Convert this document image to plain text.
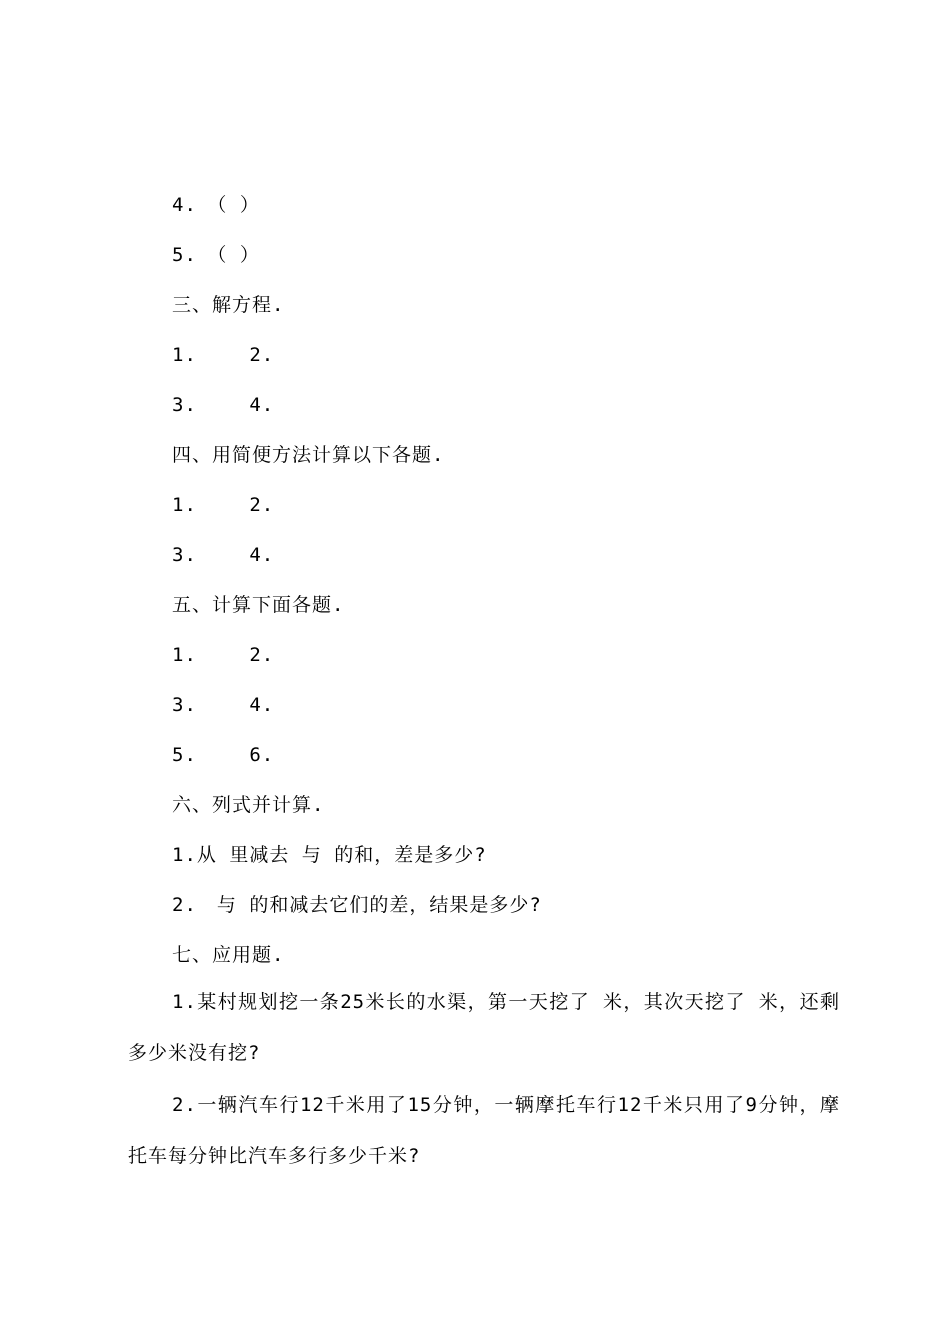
4.　（ ）
5.　（ ）
三、解方程.
1.　　 2.
3.　　 4.
四、用简便方法计算以下各题.
1.　　 2.
3.　　 4.
五、计算下面各题.
1.　　 2.
3.　　 4.
5.　　 6.
六、列式并计算.
1.从 里减去 与 的和，差是多少?
2.　与 的和减去它们的差，结果是多少?
七、应用题.
1.某村规划挖一条25米长的水渠，第一天挖了 米，其次天挖了 米，还剩多少米没有挖?
2.一辆汽车行12千米用了15分钟，一辆摩托车行12千米只用了9分钟，摩托车每分钟比汽车多行多少千米?
